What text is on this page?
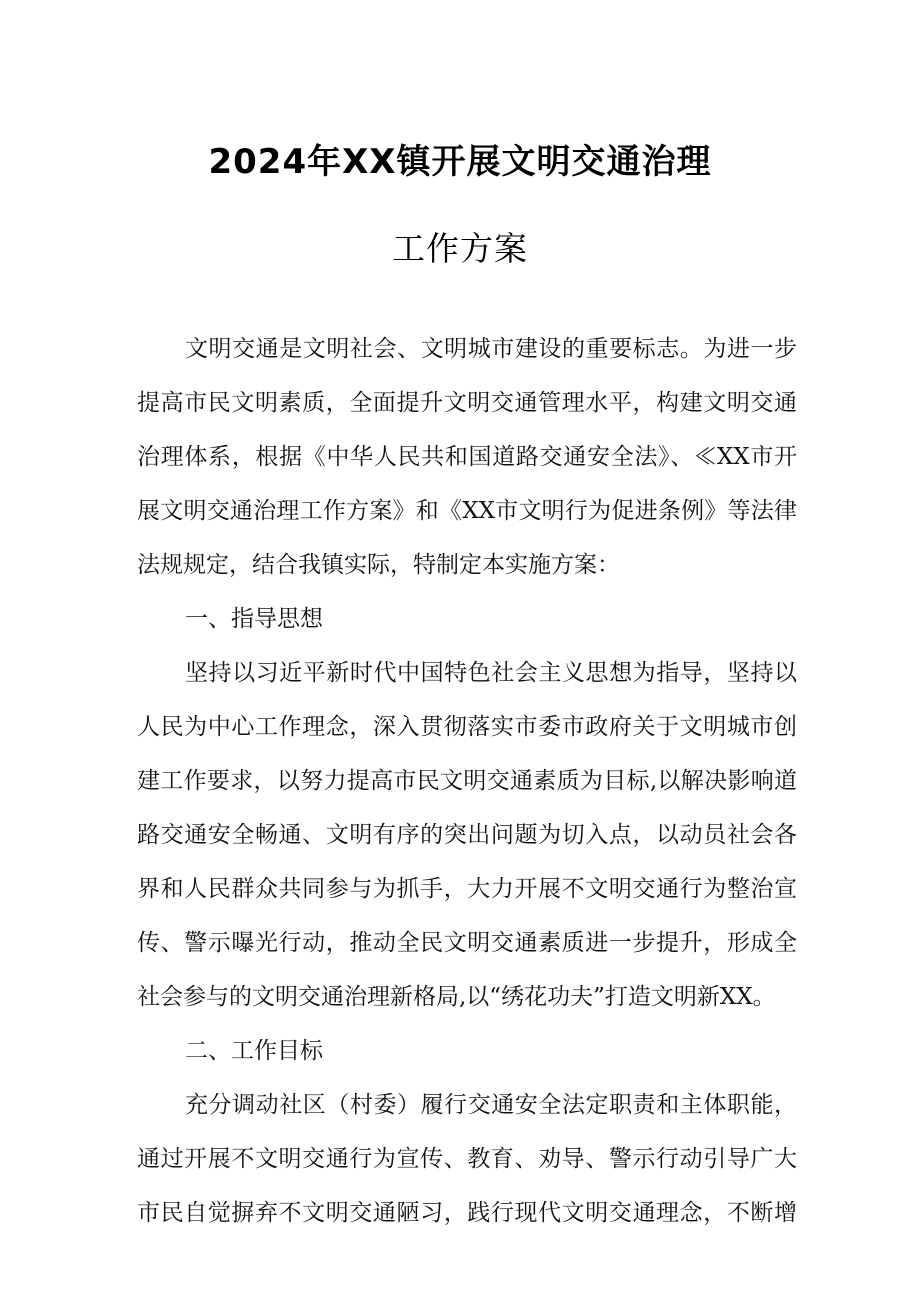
2024年XX镇开展文明交通治理
工作方案
文明交通是文明社会、文明城市建设的重要标志。为进一步
提高市民文明素质，全面提升文明交通管理水平，构建文明交通
治理体系，根据《中华人民共和国道路交通安全法》、≪XX市开
展文明交通治理工作方案》和《XX市文明行为促进条例》等法律
法规规定，结合我镇实际，特制定本实施方案：
一、指导思想
坚持以习近平新时代中国特色社会主义思想为指导，坚持以
人民为中心工作理念，深入贯彻落实市委市政府关于文明城市创
建工作要求，以努力提高市民文明交通素质为目标,以解决影响道
路交通安全畅通、文明有序的突出问题为切入点，以动员社会各
界和人民群众共同参与为抓手，大力开展不文明交通行为整治宣
传、警示曝光行动，推动全民文明交通素质进一步提升，形成全
社会参与的文明交通治理新格局,以“绣花功夫”打造文明新XX。
二、工作目标
充分调动社区（村委）履行交通安全法定职责和主体职能，
通过开展不文明交通行为宣传、教育、劝导、警示行动引导广大
市民自觉摒弃不文明交通陋习，践行现代文明交通理念，不断增
